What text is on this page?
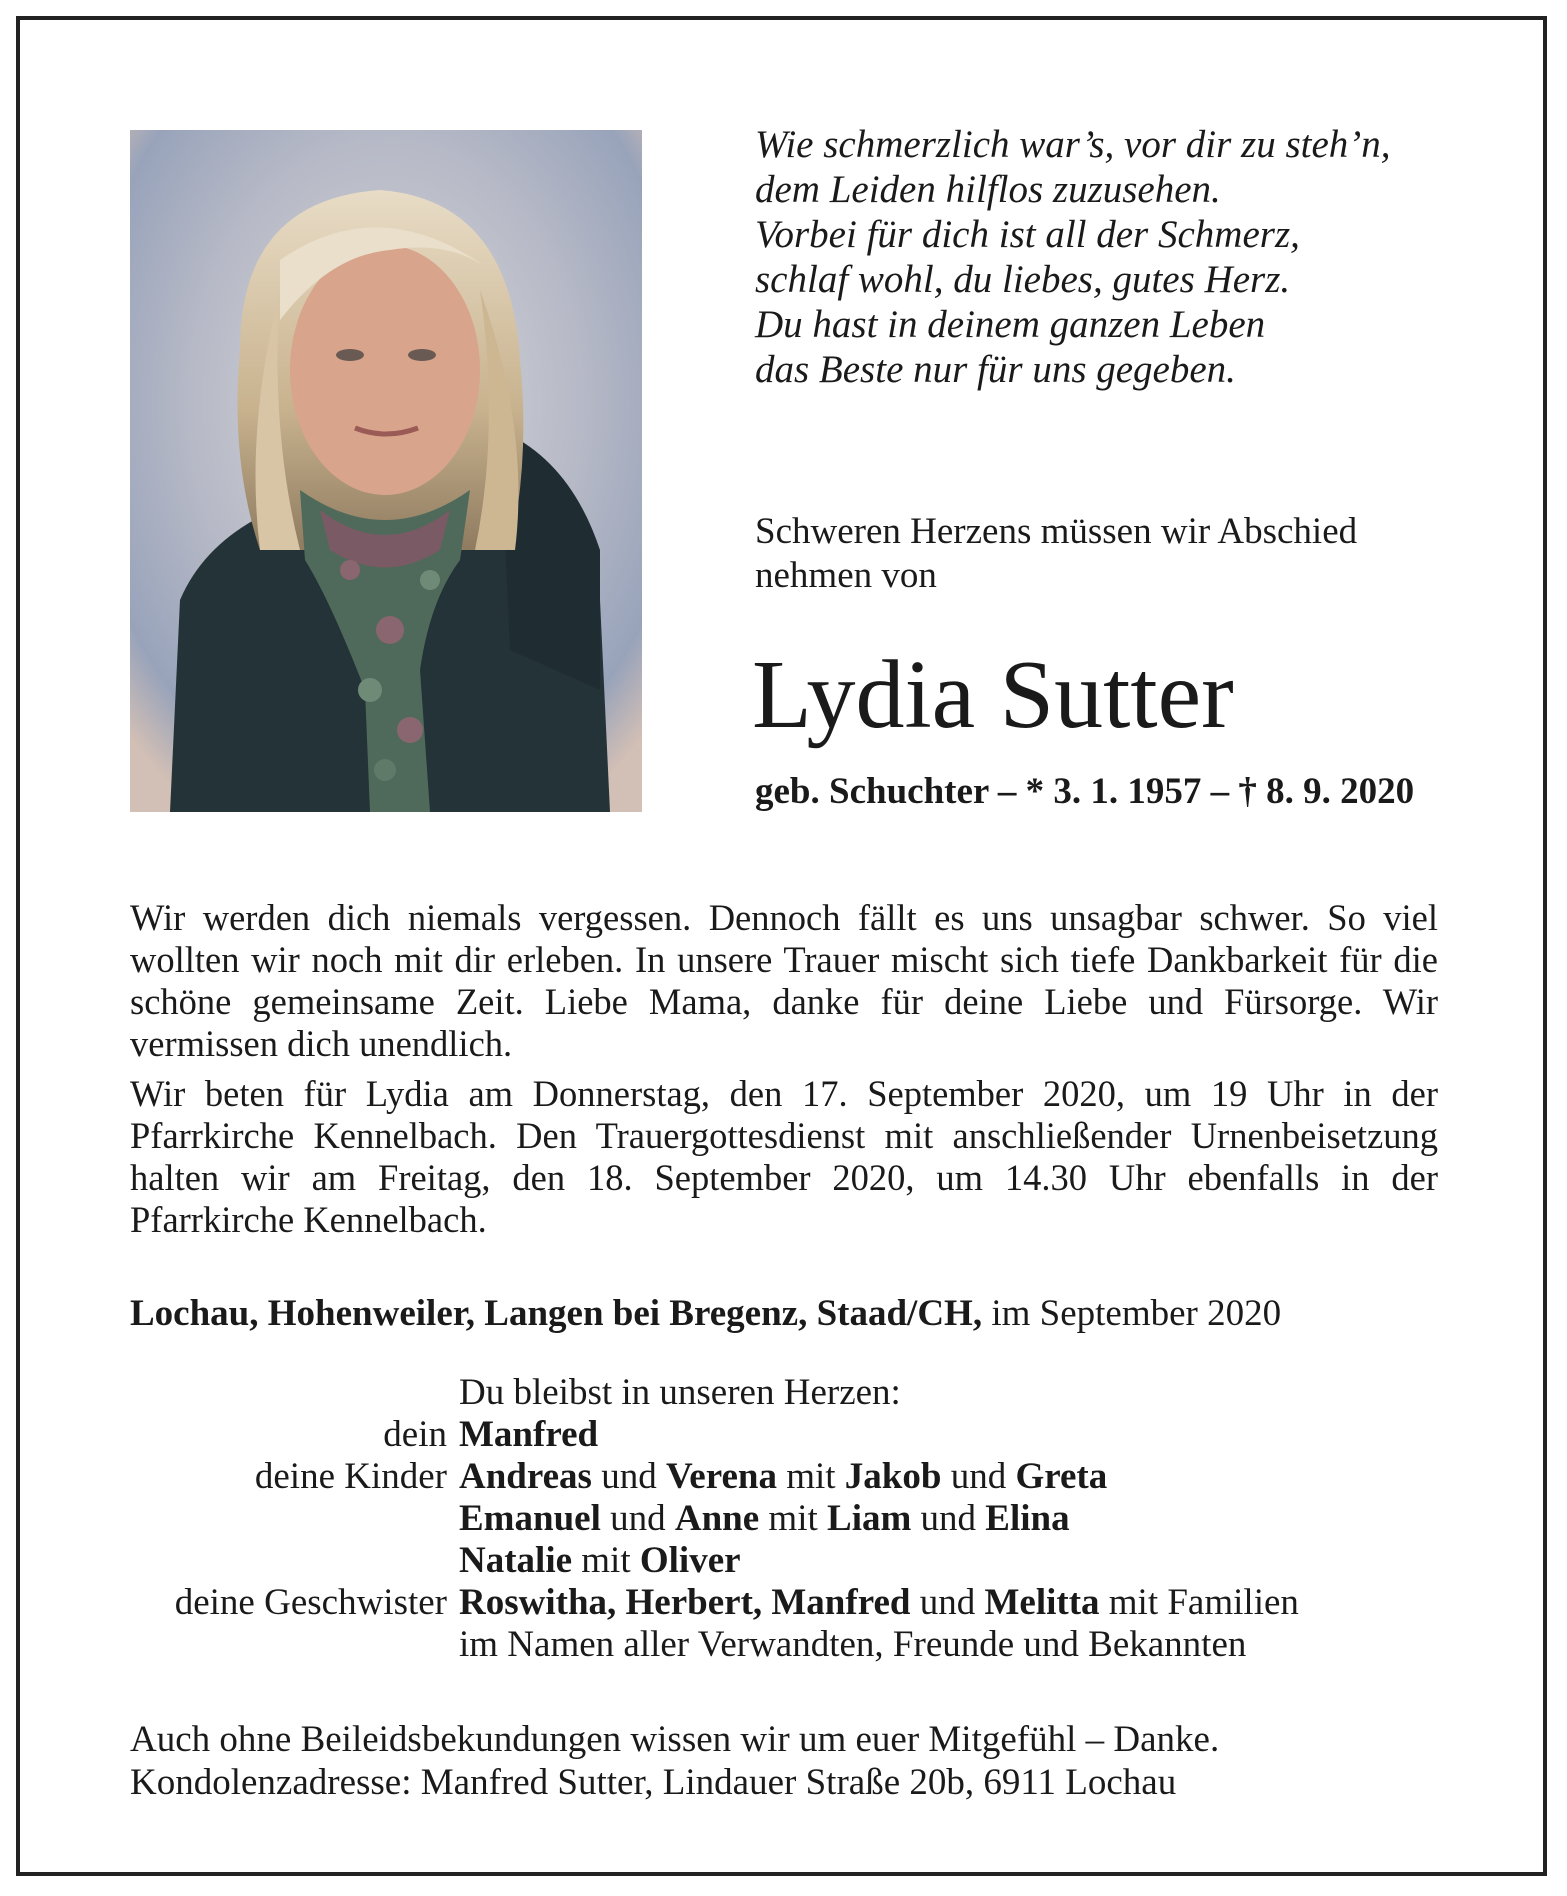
Wie schmerzlich war’s, vor dir zu steh’n,
dem Leiden hilflos zuzusehen.
Vorbei für dich ist all der Schmerz,
schlaf wohl, du liebes, gutes Herz.
Du hast in deinem ganzen Leben
das Beste nur für uns gegeben.
Schweren Herzens müssen wir Abschied
nehmen von
Lydia Sutter
geb. Schuchter – * 3. 1. 1957 – † 8. 9. 2020

Wir werden dich niemals vergessen. Dennoch fällt es uns unsagbar schwer. So viel wollten wir noch mit dir erleben. In unsere Trauer mischt sich tiefe Dankbarkeit für die schöne gemeinsame Zeit. Liebe Mama, danke für deine Liebe und Fürsorge. Wir vermissen dich unendlich.

Wir beten für Lydia am Donnerstag, den 17. September 2020, um 19 Uhr in der Pfarrkirche Kennelbach. Den Trauergottesdienst mit anschließender Urnenbeisetzung halten wir am Freitag, den 18. September 2020, um 14.30 Uhr ebenfalls in der Pfarrkirche Kennelbach.

Lochau, Hohenweiler, Langen bei Bregenz, Staad/CH, im September 2020
Du bleibst in unseren Herzen:
dein Manfred
deine Kinder Andreas und Verena mit Jakob und Greta
Emanuel und Anne mit Liam und Elina
Natalie mit Oliver
deine Geschwister Roswitha, Herbert, Manfred und Melitta mit Familien
im Namen aller Verwandten, Freunde und Bekannten
Auch ohne Beileidsbekundungen wissen wir um euer Mitgefühl – Danke.
Kondolenzadresse: Manfred Sutter, Lindauer Straße 20b, 6911 Lochau
